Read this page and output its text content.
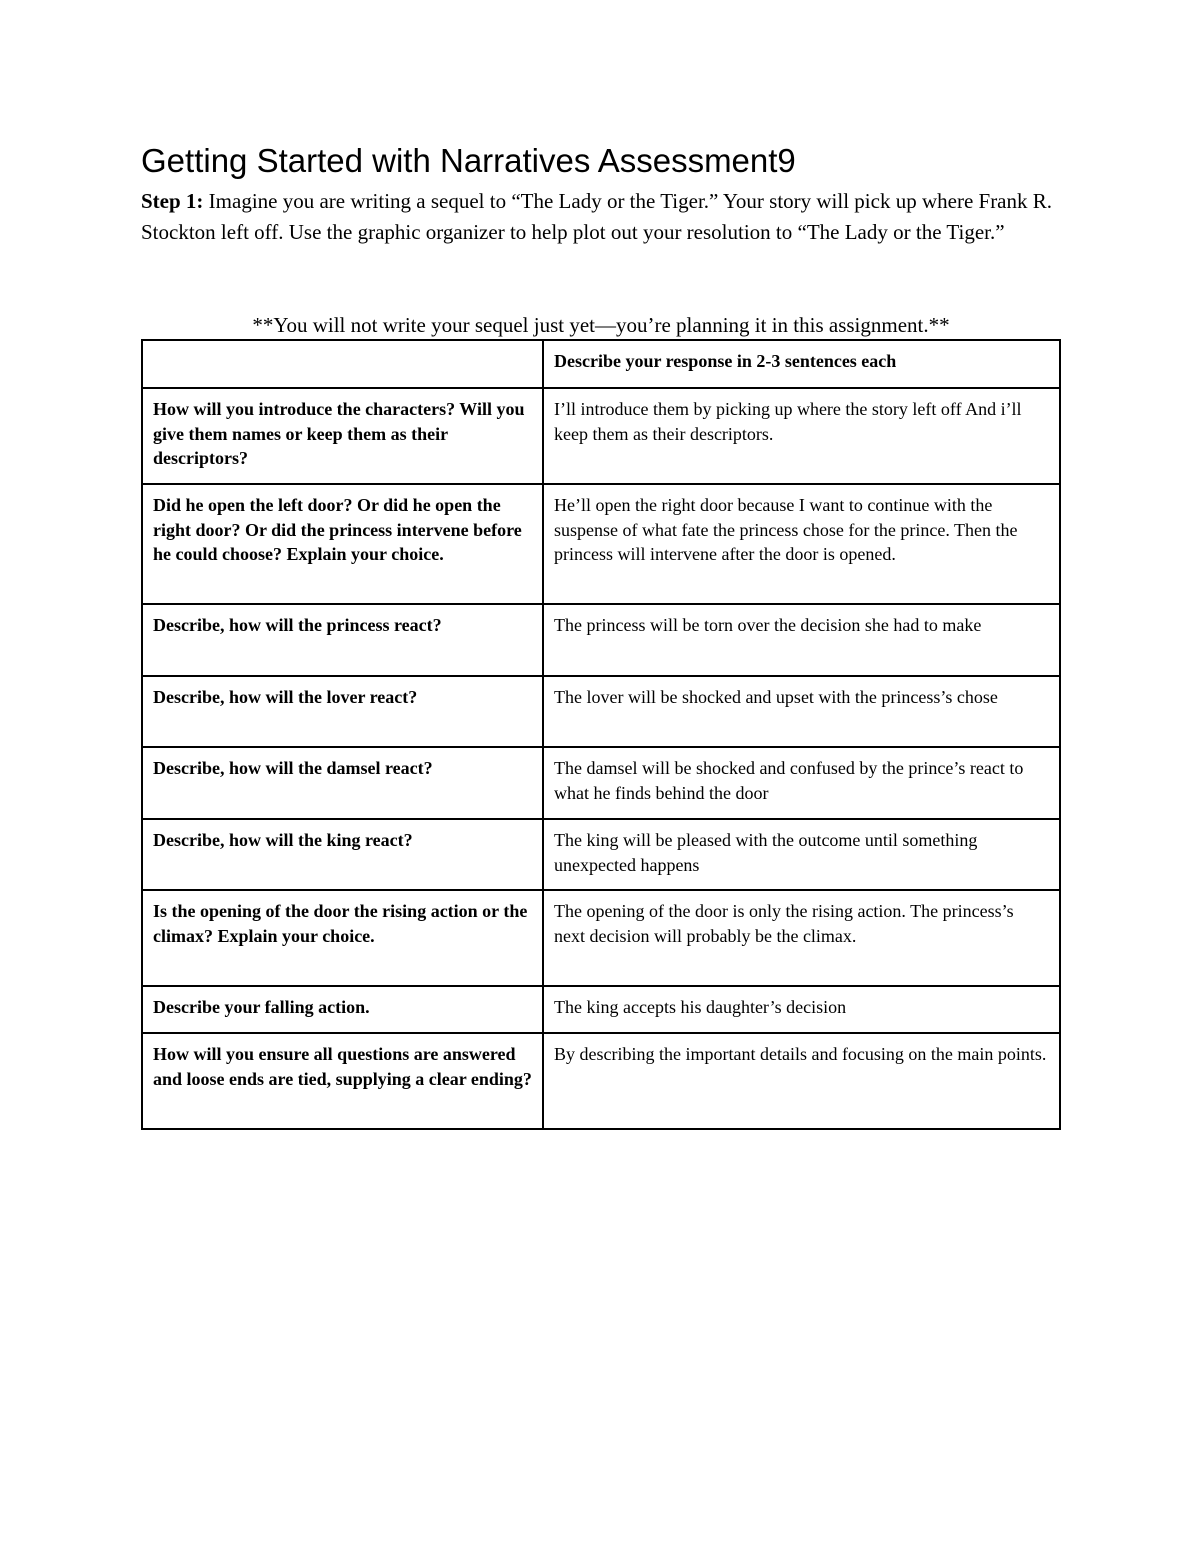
Getting Started with Narratives Assessment9

Step 1: Imagine you are writing a sequel to “The Lady or the Tiger.” Your story will pick up where Frank R. Stockton left off. Use the graphic organizer to help plot out your resolution to “The Lady or the Tiger.”

**You will not write your sequel just yet—you’re planning it in this assignment.**

	Describe your response in 2-3 sentences each
How will you introduce the characters? Will you give them names or keep them as their descriptors?	I’ll introduce them by picking up where the story left off And i’ll keep them as their descriptors.
Did he open the left door? Or did he open the right door? Or did the princess intervene before he could choose? Explain your choice.	He’ll open the right door because I want to continue with the suspense of what fate the princess chose for the prince. Then the princess will intervene after the door is opened.
Describe, how will the princess react?	The princess will be torn over the decision she had to make
Describe, how will the lover react?	The lover will be shocked and upset with the princess’s chose
Describe, how will the damsel react?	The damsel will be shocked and confused by the prince’s react to what he finds behind the door
Describe, how will the king react?	The king will be pleased with the outcome until something unexpected happens
Is the opening of the door the rising action or the climax? Explain your choice.	The opening of the door is only the rising action. The princess’s next decision will probably be the climax.
Describe your falling action.	The king accepts his daughter’s decision
How will you ensure all questions are answered and loose ends are tied, supplying a clear ending?	By describing the important details and focusing on the main points.
